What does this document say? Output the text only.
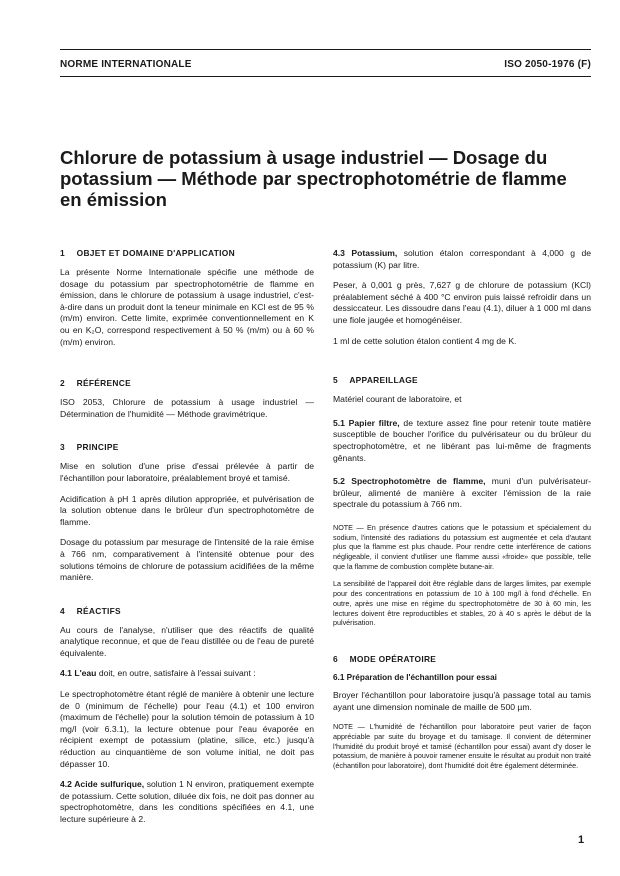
NORME INTERNATIONALE	ISO 2050-1976 (F)
Chlorure de potassium à usage industriel — Dosage du potassium — Méthode par spectrophotométrie de flamme en émission
1 OBJET ET DOMAINE D'APPLICATION

La présente Norme Internationale spécifie une méthode de dosage du potassium par spectrophotométrie de flamme en émission, dans le chlorure de potassium à usage industriel, c'est-à-dire dans un produit dont la teneur minimale en KCl est de 95 % (m/m) environ. Cette limite, exprimée conventionnellement en K ou en K₂O, correspond respectivement à 50 % (m/m) ou à 60 % (m/m) environ.

2 RÉFÉRENCE

ISO 2053, Chlorure de potassium à usage industriel — Détermination de l'humidité — Méthode gravimétrique.

3 PRINCIPE

Mise en solution d'une prise d'essai prélevée à partir de l'échantillon pour laboratoire, préalablement broyé et tamisé.

Acidification à pH 1 après dilution appropriée, et pulvérisation de la solution obtenue dans le brûleur d'un spectrophotomètre de flamme.

Dosage du potassium par mesurage de l'intensité de la raie émise à 766 nm, comparativement à l'intensité obtenue pour des solutions témoins de chlorure de potassium acidifiées de la même manière.

4 RÉACTIFS

Au cours de l'analyse, n'utiliser que des réactifs de qualité analytique reconnue, et que de l'eau distillée ou de l'eau de pureté équivalente.

4.1 L'eau doit, en outre, satisfaire à l'essai suivant :

Le spectrophotomètre étant réglé de manière à obtenir une lecture de 0 (minimum de l'échelle) pour l'eau (4.1) et 100 environ (maximum de l'échelle) pour la solution témoin de potassium à 10 mg/l (voir 6.3.1), la lecture obtenue pour l'eau évaporée en récipient exempt de potassium (platine, silice, etc.) jusqu'à réduction au cinquantième de son volume initial, ne doit pas dépasser 10.

4.2 Acide sulfurique, solution 1 N environ, pratiquement exempte de potassium. Cette solution, diluée dix fois, ne doit pas donner au spectrophotomètre, dans les conditions spécifiées en 4.1, une lecture supérieure à 2.

4.3 Potassium, solution étalon correspondant à 4,000 g de potassium (K) par litre.

Peser, à 0,001 g près, 7,627 g de chlorure de potassium (KCl) préalablement séché à 400 °C environ puis laissé refroidir dans un dessiccateur. Les dissoudre dans l'eau (4.1), diluer à 1 000 ml dans une fiole jaugée et homogénéiser.

1 ml de cette solution étalon contient 4 mg de K.

5 APPAREILLAGE

Matériel courant de laboratoire, et

5.1 Papier filtre, de texture assez fine pour retenir toute matière susceptible de boucher l'orifice du pulvérisateur ou du brûleur du spectrophotomètre, et ne libérant pas lui-même de fragments gênants.

5.2 Spectrophotomètre de flamme, muni d'un pulvérisateur-brûleur, alimenté de manière à exciter l'émission de la raie spectrale du potassium à 766 nm.

NOTE — En présence d'autres cations que le potassium et spécialement du sodium, l'intensité des radiations du potassium est augmentée et cela d'autant plus que la flamme est plus chaude. Pour rendre cette interférence de cations négligeable, il convient d'utiliser une flamme aussi «froide» que possible, telle que la flamme de combustion complète butane-air.

La sensibilité de l'appareil doit être réglable dans de larges limites, par exemple pour des concentrations en potassium de 10 à 100 mg/l à fond d'échelle. En outre, après une mise en régime du spectrophotomètre de 30 à 60 min, les lectures doivent être reproductibles et stables, 20 à 40 s après le début de la pulvérisation.

6 MODE OPÉRATOIRE
6.1 Préparation de l'échantillon pour essai

Broyer l'échantillon pour laboratoire jusqu'à passage total au tamis ayant une dimension nominale de maille de 500 µm.

NOTE — L'humidité de l'échantillon pour laboratoire peut varier de façon appréciable par suite du broyage et du tamisage. Il convient de déterminer l'humidité du produit broyé et tamisé (échantillon pour essai) avant d'y doser le potassium, de manière à pouvoir ramener ensuite le résultat au produit non traité (échantillon pour laboratoire), dont l'humidité doit être également déterminée.

1
